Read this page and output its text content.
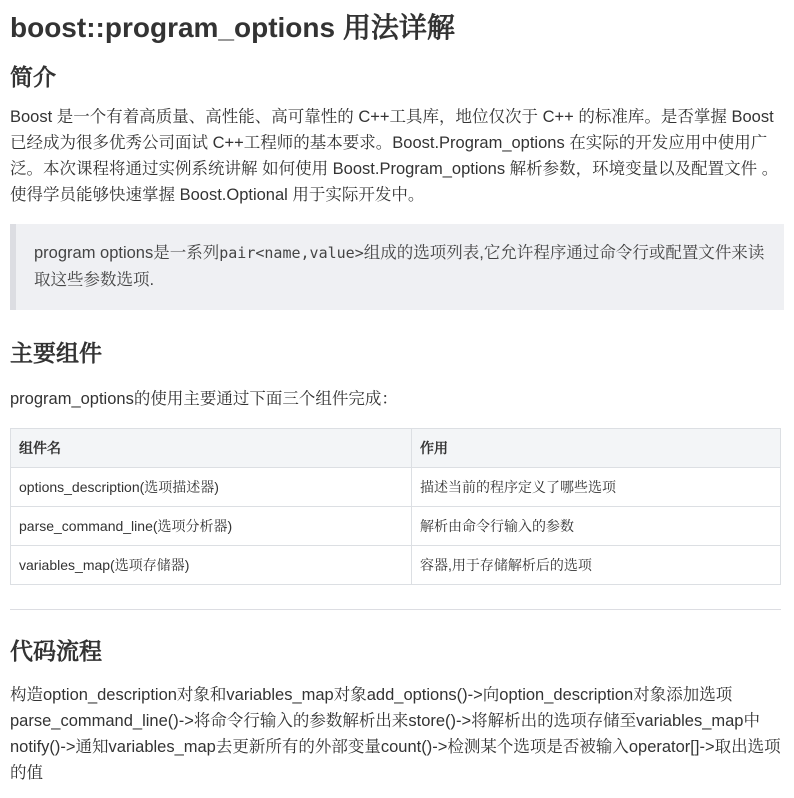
boost::program_options 用法详解
简介

Boost 是一个有着高质量、高性能、高可靠性的 C++工具库，地位仅次于 C++ 的标准库。是否掌握 Boost 已经成为很多优秀公司面试 C++工程师的基本要求。Boost.Program_options 在实际的开发应用中使用广泛。本次课程将通过实例系统讲解 如何使用 Boost.Program_options 解析参数，环境变量以及配置文件 。使得学员能够快速掌握 Boost.Optional 用于实际开发中。

program options是一系列pair<name,value>组成的选项列表,它允许程序通过命令行或配置文件来读取这些参数选项.
主要组件

program_options的使用主要通过下面三个组件完成：

组件名	作用
options_description(选项描述器)	描述当前的程序定义了哪些选项
parse_command_line(选项分析器)	解析由命令行输入的参数
variables_map(选项存储器)	容器,用于存储解析后的选项
代码流程

构造option_description对象和variables_map对象add_options()->向option_description对象添加选项parse_command_line()->将命令行输入的参数解析出来store()->将解析出的选项存储至variables_map中notify()->通知variables_map去更新所有的外部变量count()->检测某个选项是否被输入operator[]->取出选项的值
